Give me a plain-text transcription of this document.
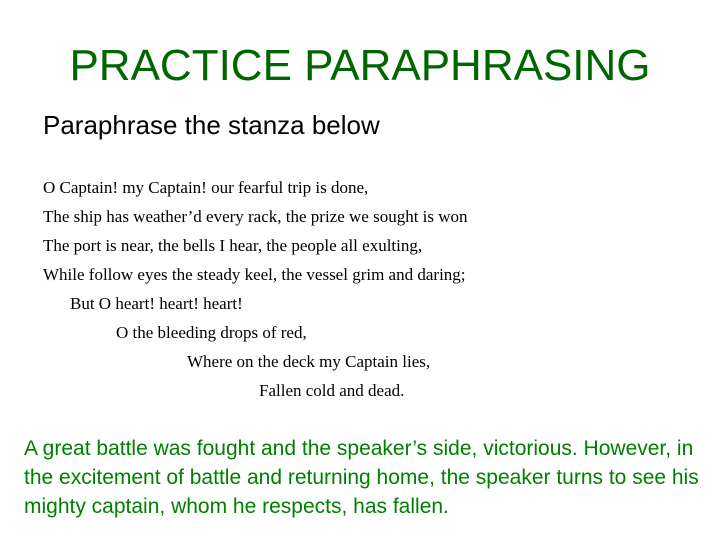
PRACTICE PARAPHRASING
Paraphrase the stanza below
O Captain! my Captain! our fearful trip is done,
The ship has weather’d every rack, the prize we sought is won
The port is near, the bells I hear, the people all exulting,
While follow eyes the steady keel, the vessel grim and daring;
But O heart! heart! heart!
O the bleeding drops of red,
Where on the deck my Captain lies,
Fallen cold and dead.
A great battle was fought and the speaker’s side, victorious. However, in the excitement of battle and returning home, the speaker turns to see his mighty captain, whom he respects, has fallen.
